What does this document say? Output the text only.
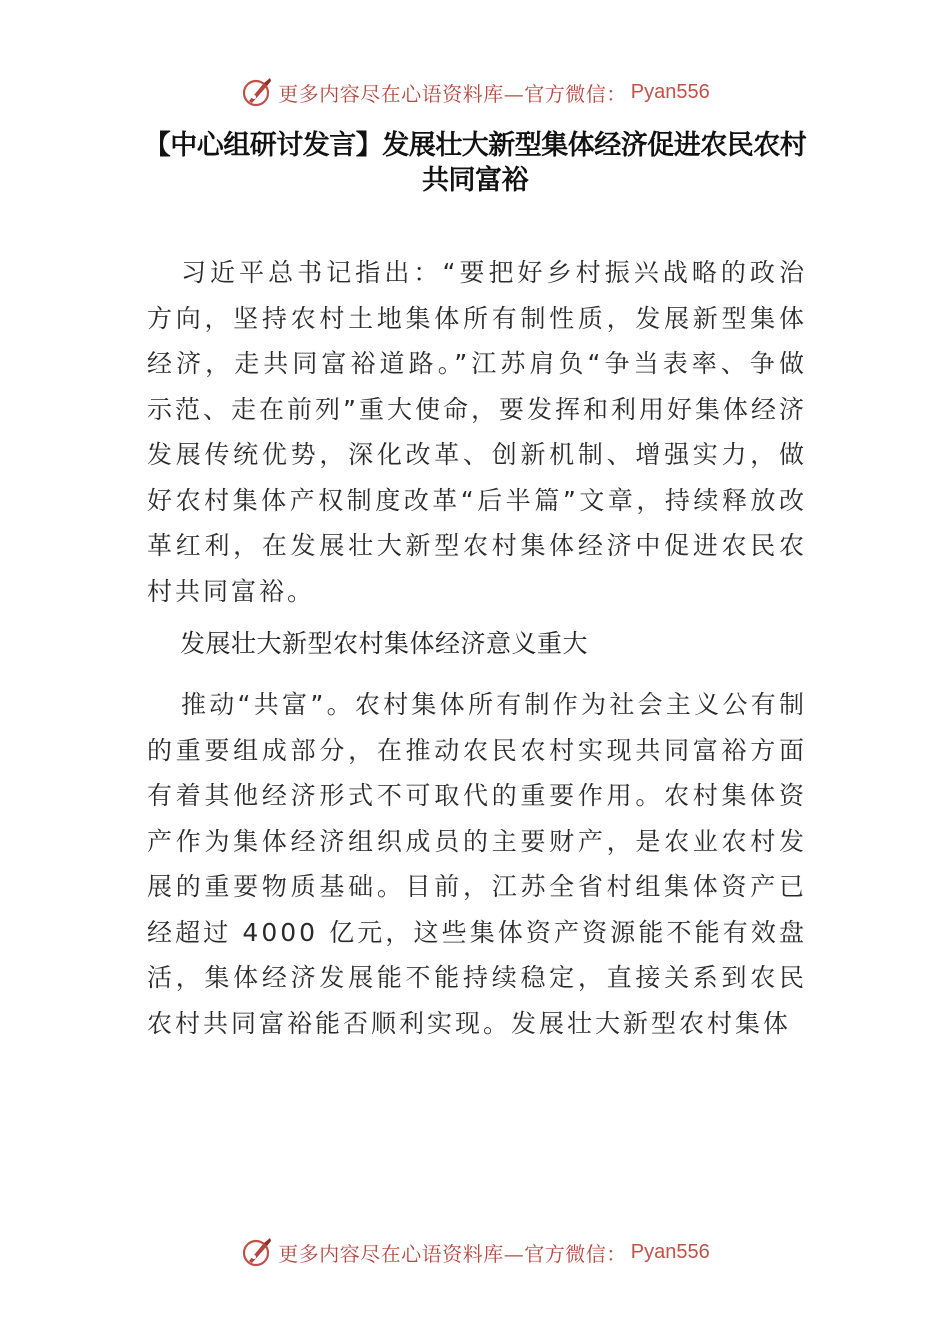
更多内容尽在心语资料库—官方微信： Pyan556
【中心组研讨发言】发展壮大新型集体经济促进农民农村共同富裕
习近平总书记指出：“要把好乡村振兴战略的政治方向，坚持农村土地集体所有制性质，发展新型集体经济，走共同富裕道路。”江苏肩负“争当表率、争做示范、走在前列”重大使命，要发挥和利用好集体经济发展传统优势，深化改革、创新机制、增强实力，做好农村集体产权制度改革“后半篇”文章，持续释放改革红利，在发展壮大新型农村集体经济中促进农民农村共同富裕。
发展壮大新型农村集体经济意义重大
推动“共富”。农村集体所有制作为社会主义公有制的重要组成部分，在推动农民农村实现共同富裕方面有着其他经济形式不可取代的重要作用。农村集体资产作为集体经济组织成员的主要财产，是农业农村发展的重要物质基础。目前，江苏全省村组集体资产已经超过 4000 亿元，这些集体资产资源能不能有效盘活，集体经济发展能不能持续稳定，直接关系到农民农村共同富裕能否顺利实现。发展壮大新型农村集体
更多内容尽在心语资料库—官方微信： Pyan556
